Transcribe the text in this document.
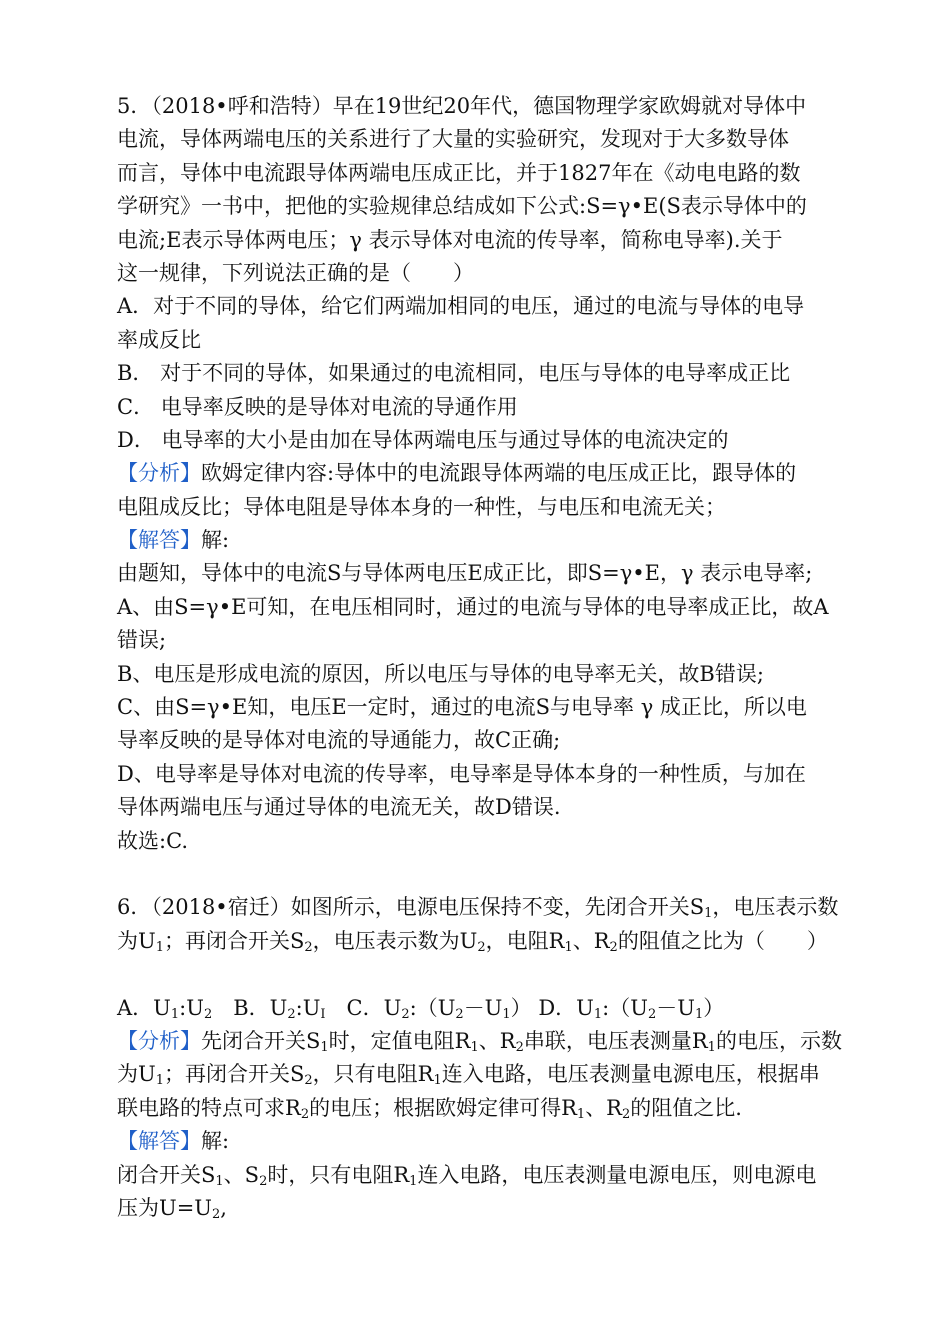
5．（2018•呼和浩特）早在19世纪20年代，德国物理学家欧姆就对导体中
电流，导体两端电压的关系进行了大量的实验研究，发现对于大多数导体
而言，导体中电流跟导体两端电压成正比，并于1827年在《动电电路的数
学研究》一书中，把他的实验规律总结成如下公式:S=γ•E(S表示导体中的
电流;E表示导体两电压；γ 表示导体对电流的传导率，简称电导率).关于
这一规律，下列说法正确的是（　　）
A．对于不同的导体，给它们两端加相同的电压，通过的电流与导体的电导
率成反比
B． 对于不同的导体，如果通过的电流相同，电压与导体的电导率成正比
C． 电导率反映的是导体对电流的导通作用
D． 电导率的大小是由加在导体两端电压与通过导体的电流决定的
【分析】欧姆定律内容:导体中的电流跟导体两端的电压成正比，跟导体的
电阻成反比；导体电阻是导体本身的一种性，与电压和电流无关；
【解答】解:
由题知，导体中的电流S与导体两电压E成正比，即S=γ•E，γ 表示电导率;
A、由S=γ•E可知，在电压相同时，通过的电流与导体的电导率成正比，故A
错误;
B、电压是形成电流的原因，所以电压与导体的电导率无关，故B错误;
C、由S=γ•E知，电压E一定时，通过的电流S与电导率 γ 成正比，所以电
导率反映的是导体对电流的导通能力，故C正确;
D、电导率是导体对电流的传导率，电导率是导体本身的一种性质，与加在
导体两端电压与通过导体的电流无关，故D错误.
故选:C.
6．（2018•宿迁）如图所示，电源电压保持不变，先闭合开关$S_1$，电压表示数
为$U_1$；再闭合开关$S_2$，电压表示数为$U_2$，电阻$R_1$、$R_2$的阻值之比为（　　）
A．$U_1:U_2$　B．$U_2:U_I$　C．$U_2:(U_2-U_1)$ D．$U_1:(U_2-U_1)$
【分析】先闭合开关$S_1$时，定值电阻$R_1$、$R_2$串联，电压表测量$R_1$的电压，示数
为$U_1$；再闭合开关$S_2$，只有电阻$R_1$连入电路，电压表测量电源电压，根据串
联电路的特点可求$R_2$的电压；根据欧姆定律可得$R_1$、$R_2$的阻值之比.
【解答】解:
闭合开关$S_1$、$S_2$时，只有电阻$R_1$连入电路，电压表测量电源电压，则电源电
压为$U=U_2$,
